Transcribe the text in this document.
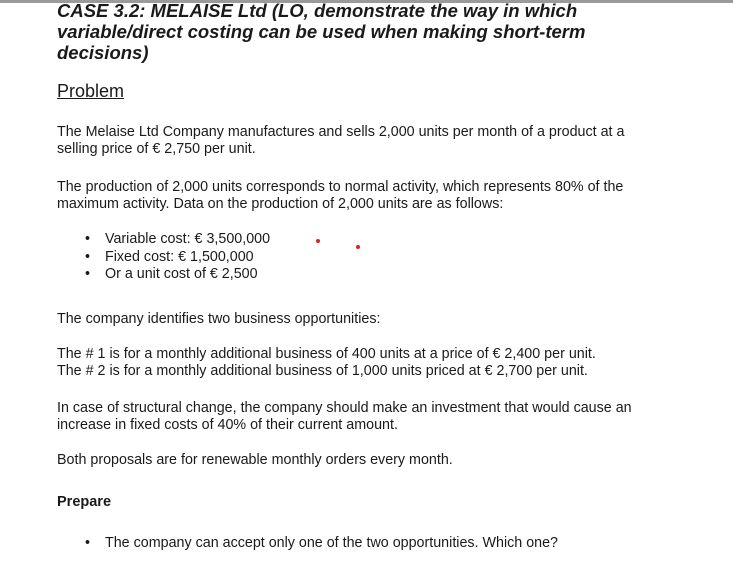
CASE 3.2: MELAISE Ltd (LO, demonstrate the way in which
variable/direct costing can be used when making short-term
decisions)
Problem

The Melaise Ltd Company manufactures and sells 2,000 units per month of a product at a
selling price of € 2,750 per unit.

The production of 2,000 units corresponds to normal activity, which represents 80% of the
maximum activity. Data on the production of 2,000 units are as follows:

• Variable cost: € 3,500,000
• Fixed cost: € 1,500,000
• Or a unit cost of € 2,500

The company identifies two business opportunities:

The # 1 is for a monthly additional business of 400 units at a price of € 2,400 per unit.
The # 2 is for a monthly additional business of 1,000 units priced at € 2,700 per unit.

In case of structural change, the company should make an investment that would cause an
increase in fixed costs of 40% of their current amount.

Both proposals are for renewable monthly orders every month.

Prepare
• The company can accept only one of the two opportunities. Which one?
